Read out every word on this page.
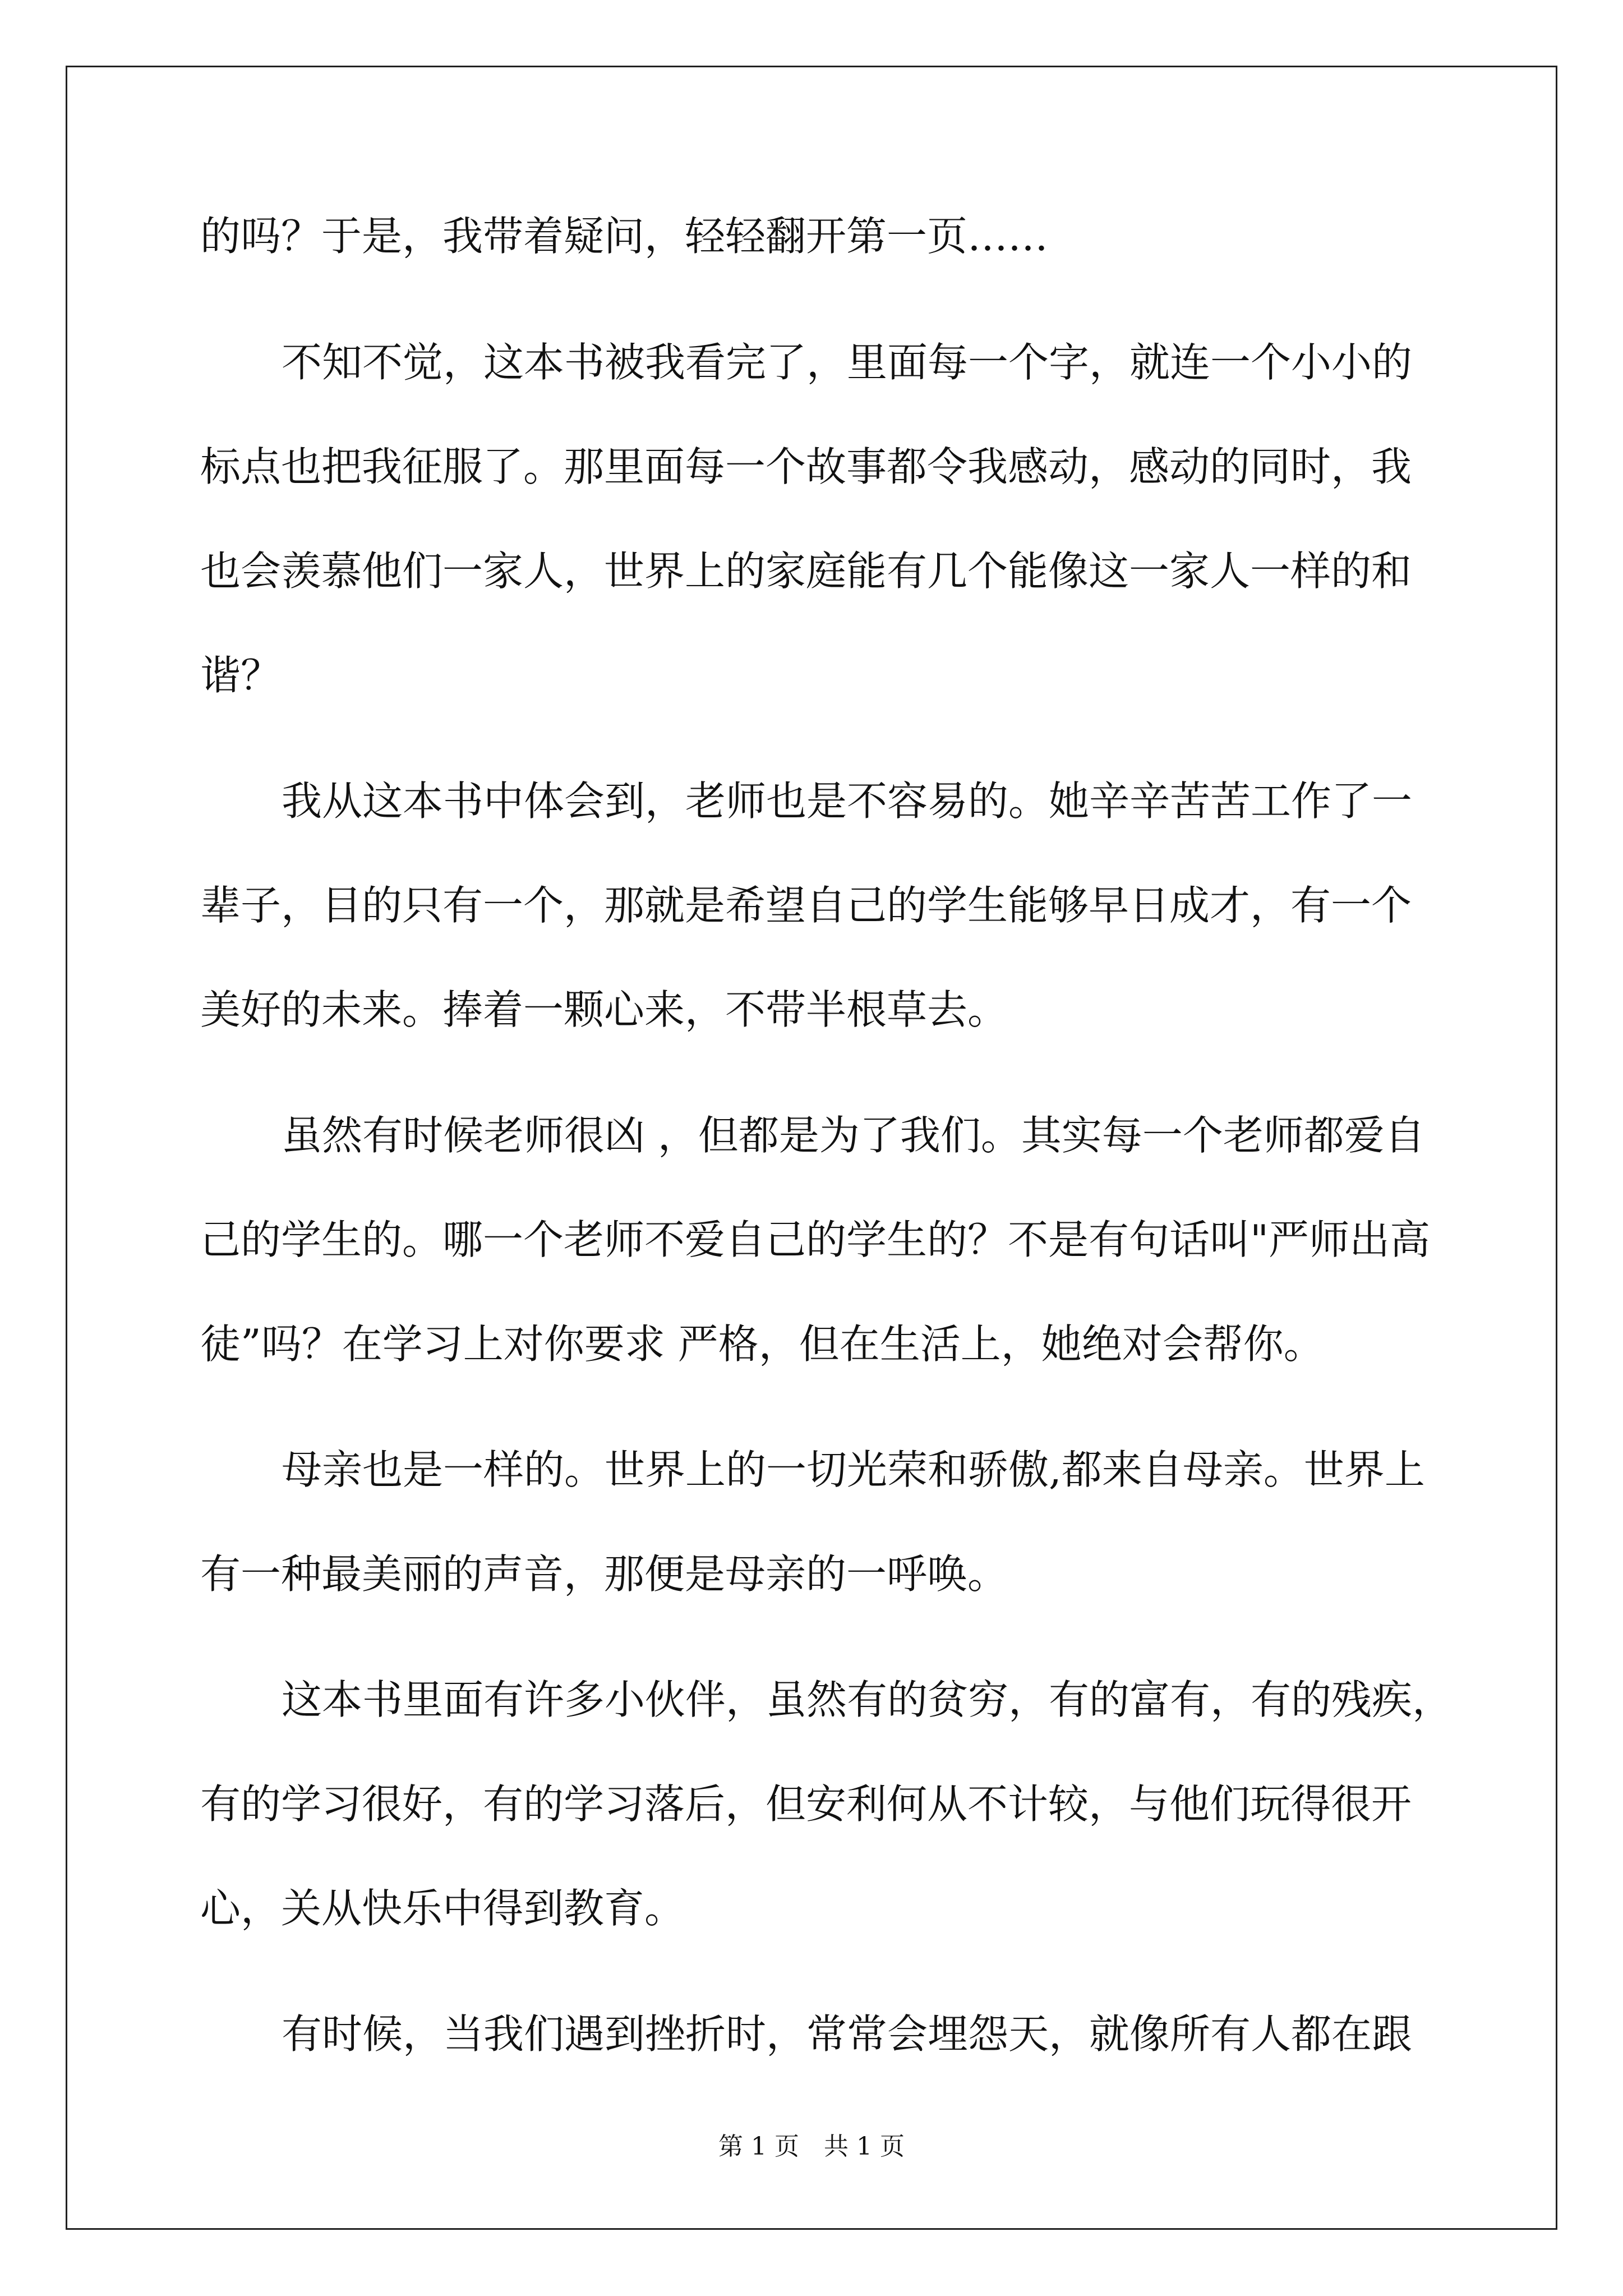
的吗？于是，我带着疑问，轻轻翻开第一页……
不知不觉，这本书被我看完了，里面每一个字，就连一个小小的
标点也把我征服了。那里面每一个故事都令我感动，感动的同时，我
也会羡慕他们一家人，世界上的家庭能有几个能像这一家人一样的和
谐？
我从这本书中体会到，老师也是不容易的。她辛辛苦苦工作了一
辈子，目的只有一个，那就是希望自己的学生能够早日成才，有一个
美好的未来。捧着一颗心来，不带半根草去。
虽然有时候老师很凶 ，但都是为了我们。其实每一个老师都爱自
己的学生的。哪一个老师不爱自己的学生的？不是有句话叫"严师出高
徒”吗？在学习上对你要求 严格，但在生活上，她绝对会帮你。
母亲也是一样的。世界上的一切光荣和骄傲,都来自母亲。世界上
有一种最美丽的声音，那便是母亲的一呼唤。
这本书里面有许多小伙伴，虽然有的贫穷，有的富有，有的残疾，
有的学习很好，有的学习落后，但安利何从不计较，与他们玩得很开
心，关从快乐中得到教育。
有时候，当我们遇到挫折时，常常会埋怨天，就像所有人都在跟
第 1 页　共 1 页
